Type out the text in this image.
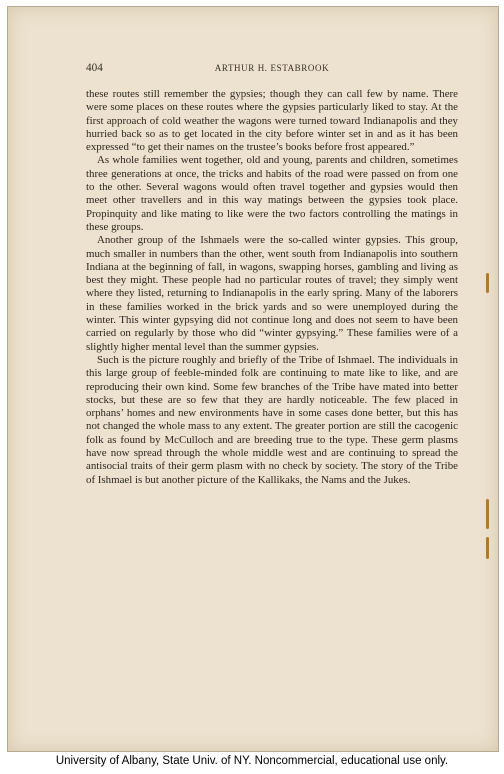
404	ARTHUR H. ESTABROOK

these routes still remember the gypsies; though they can call few by name. There were some places on these routes where the gypsies particularly liked to stay. At the first approach of cold weather the wagons were turned toward Indianapolis and they hurried back so as to get located in the city before winter set in and as it has been expressed “to get their names on the trustee’s books before frost appeared.”

As whole families went together, old and young, parents and children, sometimes three generations at once, the tricks and habits of the road were passed on from one to the other. Several wagons would often travel together and gypsies would then meet other travellers and in this way matings between the gypsies took place. Propinquity and like mating to like were the two factors controlling the matings in these groups.

Another group of the Ishmaels were the so-called winter gypsies. This group, much smaller in numbers than the other, went south from Indianapolis into southern Indiana at the beginning of fall, in wagons, swapping horses, gambling and living as best they might. These people had no particular routes of travel; they simply went where they listed, returning to Indianapolis in the early spring. Many of the laborers in these families worked in the brick yards and so were unemployed during the winter. This winter gypsying did not continue long and does not seem to have been carried on regularly by those who did “winter gypsying.” These families were of a slightly higher mental level than the summer gypsies.

Such is the picture roughly and briefly of the Tribe of Ishmael. The individuals in this large group of feeble-minded folk are continuing to mate like to like, and are reproducing their own kind. Some few branches of the Tribe have mated into better stocks, but these are so few that they are hardly noticeable. The few placed in orphans’ homes and new environments have in some cases done better, but this has not changed the whole mass to any extent. The greater portion are still the cacogenic folk as found by McCulloch and are breeding true to the type. These germ plasms have now spread through the whole middle west and are continuing to spread the antisocial traits of their germ plasm with no check by society. The story of the Tribe of Ishmael is but another picture of the Kallikaks, the Nams and the Jukes.

University of Albany, State Univ. of NY. Noncommercial, educational use only.
